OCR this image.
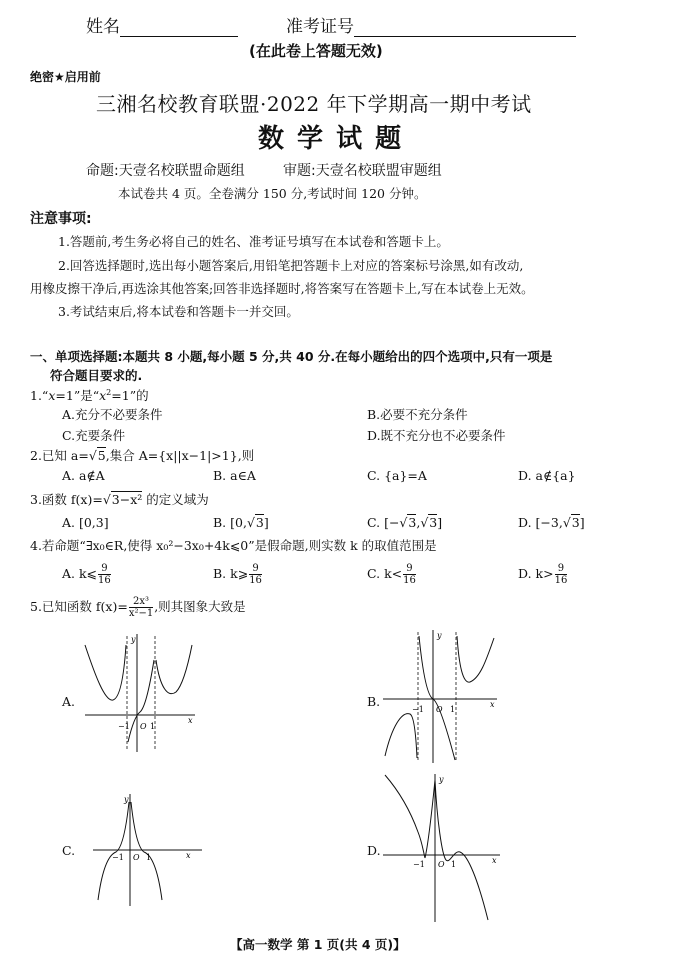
姓名	准考证号
(在此卷上答题无效)
绝密★启用前
三湘名校教育联盟·2022 年下学期高一期中考试
数 学 试 题
命题:天壹名校联盟命题组	审题:天壹名校联盟审题组
本试卷共 4 页。全卷满分 150 分,考试时间 120 分钟。
注意事项:
1.答题前,考生务必将自己的姓名、准考证号填写在本试卷和答题卡上。
2.回答选择题时,选出每小题答案后,用铅笔把答题卡上对应的答案标号涂黑,如有改动,
用橡皮擦干净后,再选涂其他答案;回答非选择题时,将答案写在答题卡上,写在本试卷上无效。
3.考试结束后,将本试卷和答题卡一并交回。
一、单项选择题:本题共 8 小题,每小题 5 分,共 40 分.在每小题给出的四个选项中,只有一项是
符合题目要求的.
1.“x=1”是“$x^2=1$”的
A.充分不必要条件	B.必要不充分条件
C.充要条件	D.既不充分也不必要条件
2.已知 a=√5,集合 A={x||x−1|>1},则
A. a∉A	B. a∈A	C. {a}=A	D. a∉{a}
3.函数 f(x)=√3−x² 的定义域为
A. [0,3]	B. [0,√3]	C. [−√3,√3]	D. [−3,√3]
4.若命题“∃x₀∈R,使得 x₀²−3x₀+4k⩽0”是假命题,则实数 k 的取值范围是
A. k⩽ $\frac{9}{16}$	B. k⩾ $\frac{9}{16}$	C. $k< \frac{9}{16}$	D. $k> \frac{9}{16}$
5.已知函数 $f(x)= \frac{\text{2x³}}{\text{x²−1}}$ ,则其图象大致是
A.	B.
C.	D.
−1 O 1
x
y
−1 O 1
x
y
−1 O 1	x
y
−1 O 1	x
y
【高一数学 第 1 页(共 4 页)】
